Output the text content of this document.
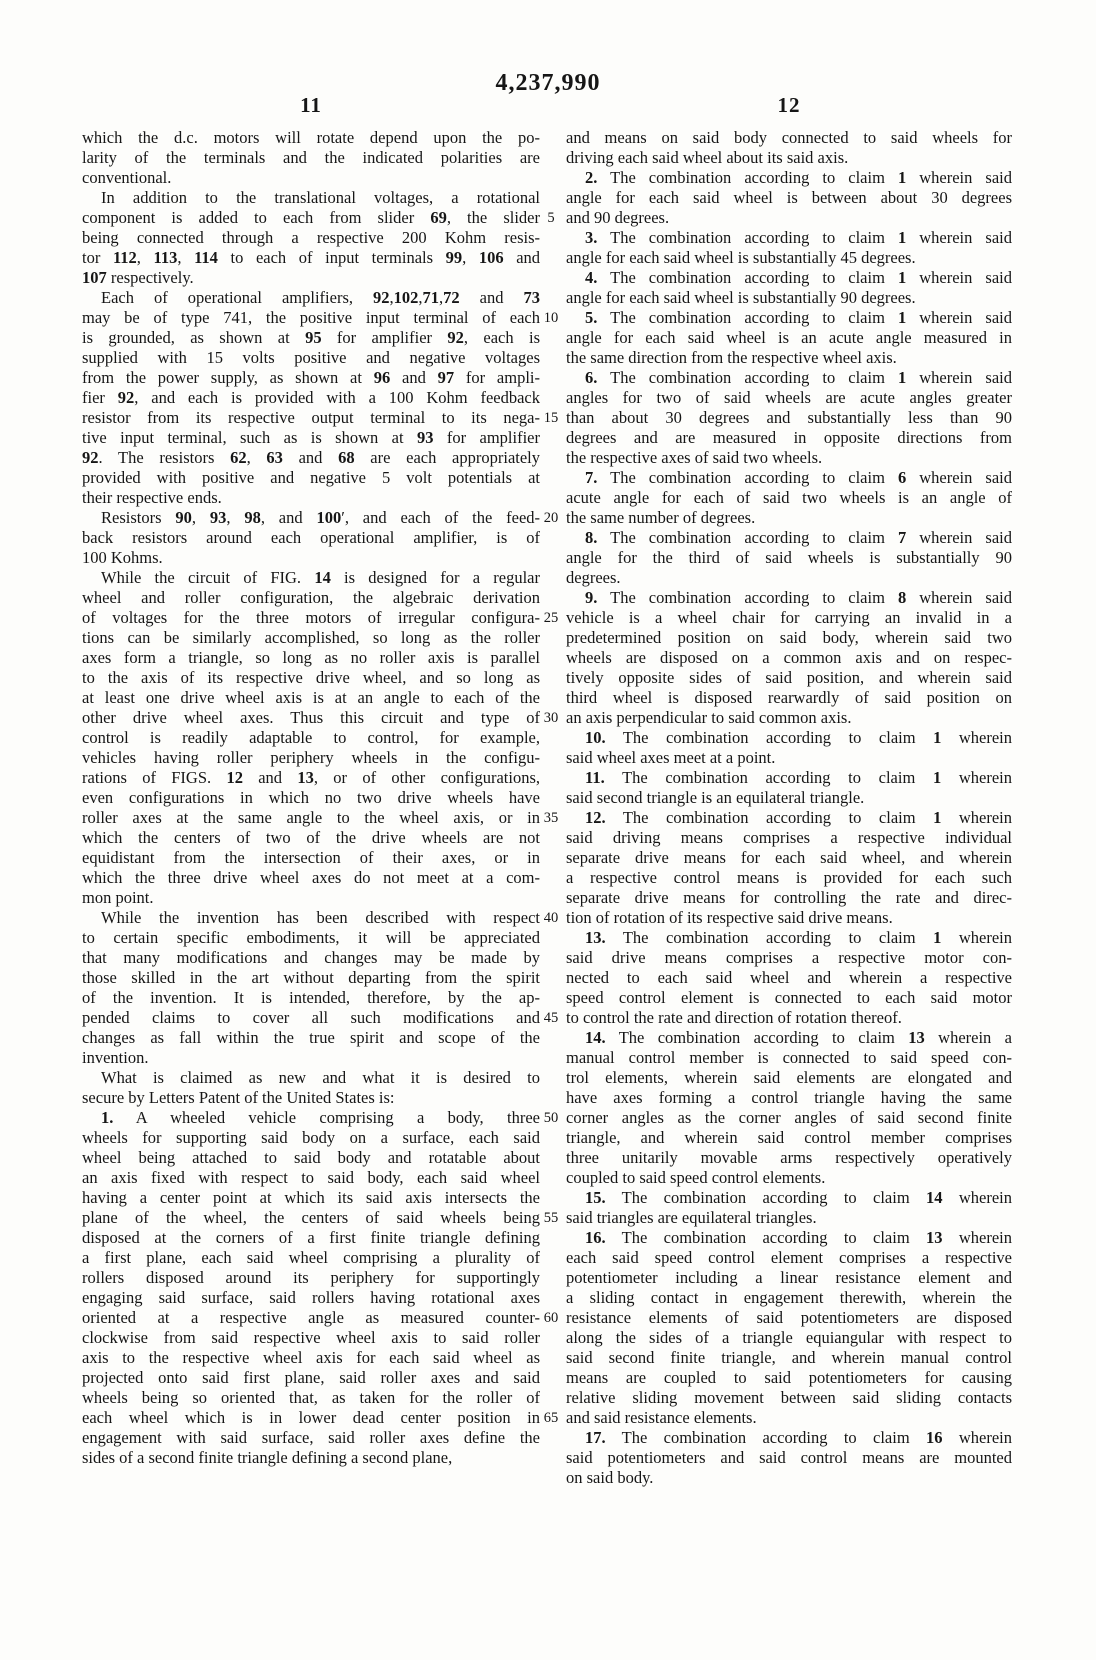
4,237,990
11
which the d.c. motors will rotate depend upon the po-
larity of the terminals and the indicated polarities are
conventional.
In addition to the translational voltages, a rotational
component is added to each from slider 69, the slider
being connected through a respective 200 Kohm resis-
tor 112, 113, 114 to each of input terminals 99, 106 and
107 respectively.
Each of operational amplifiers, 92,102,71,72 and 73
may be of type 741, the positive input terminal of each
is grounded, as shown at 95 for amplifier 92, each is
supplied with 15 volts positive and negative voltages
from the power supply, as shown at 96 and 97 for ampli-
fier 92, and each is provided with a 100 Kohm feedback
resistor from its respective output terminal to its nega-
tive input terminal, such as is shown at 93 for amplifier
92. The resistors 62, 63 and 68 are each appropriately
provided with positive and negative 5 volt potentials at
their respective ends.
Resistors 90, 93, 98, and 100′, and each of the feed-
back resistors around each operational amplifier, is of
100 Kohms.
While the circuit of FIG. 14 is designed for a regular
wheel and roller configuration, the algebraic derivation
of voltages for the three motors of irregular configura-
tions can be similarly accomplished, so long as the roller
axes form a triangle, so long as no roller axis is parallel
to the axis of its respective drive wheel, and so long as
at least one drive wheel axis is at an angle to each of the
other drive wheel axes. Thus this circuit and type of
control is readily adaptable to control, for example,
vehicles having roller periphery wheels in the configu-
rations of FIGS. 12 and 13, or of other configurations,
even configurations in which no two drive wheels have
roller axes at the same angle to the wheel axis, or in
which the centers of two of the drive wheels are not
equidistant from the intersection of their axes, or in
which the three drive wheel axes do not meet at a com-
mon point.
While the invention has been described with respect
to certain specific embodiments, it will be appreciated
that many modifications and changes may be made by
those skilled in the art without departing from the spirit
of the invention. It is intended, therefore, by the ap-
pended claims to cover all such modifications and
changes as fall within the true spirit and scope of the
invention.
What is claimed as new and what it is desired to
secure by Letters Patent of the United States is:
1. A wheeled vehicle comprising a body, three
wheels for supporting said body on a surface, each said
wheel being attached to said body and rotatable about
an axis fixed with respect to said body, each said wheel
having a center point at which its said axis intersects the
plane of the wheel, the centers of said wheels being
disposed at the corners of a first finite triangle defining
a first plane, each said wheel comprising a plurality of
rollers disposed around its periphery for supportingly
engaging said surface, said rollers having rotational axes
oriented at a respective angle as measured counter-
clockwise from said respective wheel axis to said roller
axis to the respective wheel axis for each said wheel as
projected onto said first plane, said roller axes and said
wheels being so oriented that, as taken for the roller of
each wheel which is in lower dead center position in
engagement with said surface, said roller axes define the
sides of a second finite triangle defining a second plane,
5
10
15
20
25
30
35
40
45
50
55
60
65
12
and means on said body connected to said wheels for
driving each said wheel about its said axis.
2. The combination according to claim 1 wherein said
angle for each said wheel is between about 30 degrees
and 90 degrees.
3. The combination according to claim 1 wherein said
angle for each said wheel is substantially 45 degrees.
4. The combination according to claim 1 wherein said
angle for each said wheel is substantially 90 degrees.
5. The combination according to claim 1 wherein said
angle for each said wheel is an acute angle measured in
the same direction from the respective wheel axis.
6. The combination according to claim 1 wherein said
angles for two of said wheels are acute angles greater
than about 30 degrees and substantially less than 90
degrees and are measured in opposite directions from
the respective axes of said two wheels.
7. The combination according to claim 6 wherein said
acute angle for each of said two wheels is an angle of
the same number of degrees.
8. The combination according to claim 7 wherein said
angle for the third of said wheels is substantially 90
degrees.
9. The combination according to claim 8 wherein said
vehicle is a wheel chair for carrying an invalid in a
predetermined position on said body, wherein said two
wheels are disposed on a common axis and on respec-
tively opposite sides of said position, and wherein said
third wheel is disposed rearwardly of said position on
an axis perpendicular to said common axis.
10. The combination according to claim 1 wherein
said wheel axes meet at a point.
11. The combination according to claim 1 wherein
said second triangle is an equilateral triangle.
12. The combination according to claim 1 wherein
said driving means comprises a respective individual
separate drive means for each said wheel, and wherein
a respective control means is provided for each such
separate drive means for controlling the rate and direc-
tion of rotation of its respective said drive means.
13. The combination according to claim 1 wherein
said drive means comprises a respective motor con-
nected to each said wheel and wherein a respective
speed control element is connected to each said motor
to control the rate and direction of rotation thereof.
14. The combination according to claim 13 wherein a
manual control member is connected to said speed con-
trol elements, wherein said elements are elongated and
have axes forming a control triangle having the same
corner angles as the corner angles of said second finite
triangle, and wherein said control member comprises
three unitarily movable arms respectively operatively
coupled to said speed control elements.
15. The combination according to claim 14 wherein
said triangles are equilateral triangles.
16. The combination according to claim 13 wherein
each said speed control element comprises a respective
potentiometer including a linear resistance element and
a sliding contact in engagement therewith, wherein the
resistance elements of said potentiometers are disposed
along the sides of a triangle equiangular with respect to
said second finite triangle, and wherein manual control
means are coupled to said potentiometers for causing
relative sliding movement between said sliding contacts
and said resistance elements.
17. The combination according to claim 16 wherein
said potentiometers and said control means are mounted
on said body.
